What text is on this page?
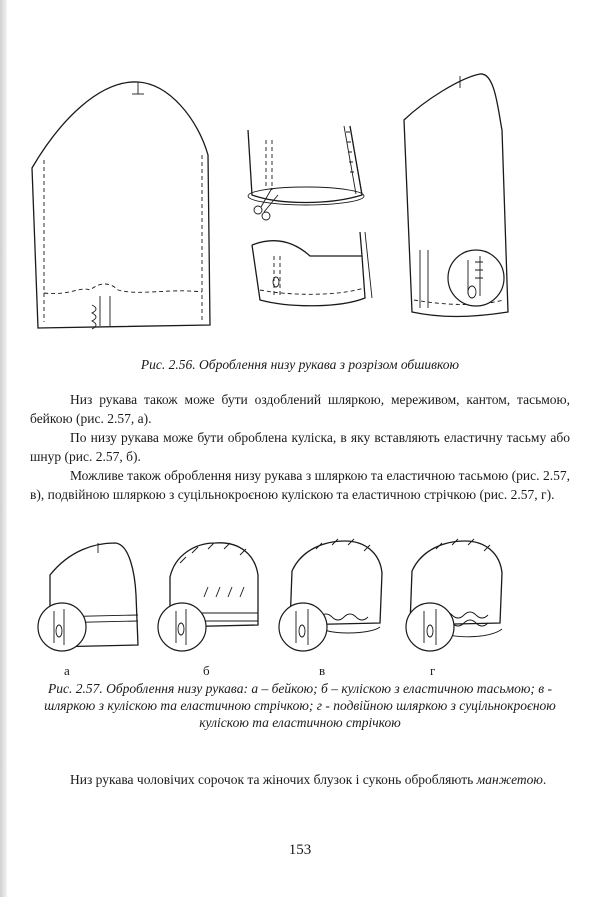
Рис. 2.56. Оброблення низу рукава з розрізом обшивкою

Низ рукава також може бути оздоблений шляркою, мереживом, кантом, тасьмою, бейкою (рис. 2.57, а).

По низу рукава може бути оброблена куліска, в яку вставляють еластичну тасьму або шнур (рис. 2.57, б).

Можливе також оброблення низу рукава з шляркою та еластичною тасьмою (рис. 2.57, в), подвійною шляркою з суцільнокроєною кулiскою та еластичною стрічкою (рис. 2.57, г).

а	б	в	г

Рис. 2.57. Оброблення низу рукава: а – бейкою; б – кулiскою з еластичною тасьмою; в - шляркою з кулiскою та еластичною стрічкою; г - подвійною шляркою з суцільнокроєною кулiскою та еластичною стрічкою

Низ рукава чоловічих сорочок та жіночих блузок і суконь обробляють манжетою.

153
